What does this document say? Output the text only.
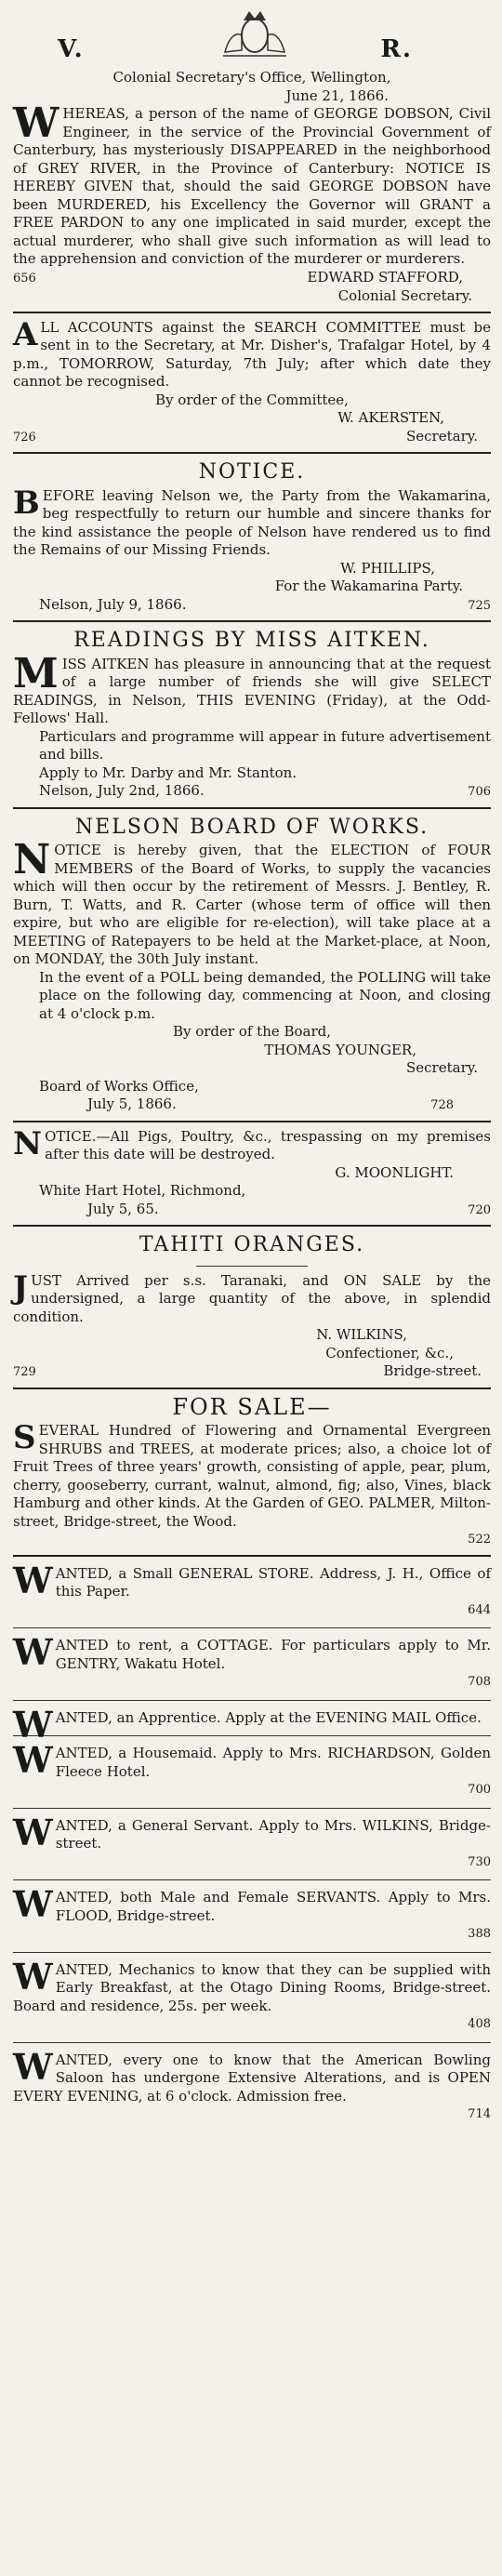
V.	R.

Colonial Secretary's Office, Wellington,

June 21, 1866.

WHEREAS, a person of the name of GEORGE DOBSON, Civil Engineer, in the service of the Provincial Government of Canterbury, has mysteriously DISAPPEARED in the neighborhood of GREY RIVER, in the Province of Canterbury: NOTICE IS HEREBY GIVEN that, should the said GEORGE DOBSON have been MURDERED, his Excellency the Governor will GRANT a FREE PARDON to any one implicated in said murder, except the actual murderer, who shall give such information as will lead to the apprehension and conviction of the murderer or murderers.

656	EDWARD STAFFORD,

Colonial Secretary.

ALL ACCOUNTS against the SEARCH COMMITTEE must be sent in to the Secretary, at Mr. Disher's, Trafalgar Hotel, by 4 p.m., TOMORROW, Saturday, 7th July; after which date they cannot be recognised.

By order of the Committee,

W. AKERSTEN,

726	Secretary.
NOTICE.

BEFORE leaving Nelson we, the Party from the Wakamarina, beg respectfully to return our humble and sincere thanks for the kind assistance the people of Nelson have rendered us to find the Remains of our Missing Friends.

W. PHILLIPS,

For the Wakamarina Party.

Nelson, July 9, 1866.	725
READINGS BY MISS AITKEN.

MISS AITKEN has pleasure in announcing that at the request of a large number of friends she will give SELECT READINGS, in Nelson, THIS EVENING (Friday), at the Odd-Fellows' Hall.

Particulars and programme will appear in future advertisement and bills.

Apply to Mr. Darby and Mr. Stanton.

Nelson, July 2nd, 1866.	706
NELSON BOARD OF WORKS.

NOTICE is hereby given, that the ELECTION of FOUR MEMBERS of the Board of Works, to supply the vacancies which will then occur by the retirement of Messrs. J. Bentley, R. Burn, T. Watts, and R. Carter (whose term of office will then expire, but who are eligible for re-election), will take place at a MEETING of Ratepayers to be held at the Market-place, at Noon, on MONDAY, the 30th July instant.

In the event of a POLL being demanded, the POLLING will take place on the following day, commencing at Noon, and closing at 4 o'clock p.m.

By order of the Board,

THOMAS YOUNGER,

Secretary.

Board of Works Office,

July 5, 1866.	728

NOTICE.—All Pigs, Poultry, &c., trespassing on my premises after this date will be destroyed.

G. MOONLIGHT.

White Hart Hotel, Richmond,

July 5, 65.	720
TAHITI ORANGES.

JUST Arrived per s.s. Taranaki, and ON SALE by the undersigned, a large quantity of the above, in splendid condition.

N. WILKINS,

Confectioner, &c.,

729	Bridge-street.
FOR SALE—

SEVERAL Hundred of Flowering and Ornamental Evergreen SHRUBS and TREES, at moderate prices; also, a choice lot of Fruit Trees of three years' growth, consisting of apple, pear, plum, cherry, gooseberry, currant, walnut, almond, fig; also, Vines, black Hamburg and other kinds. At the Garden of GEO. PALMER, Milton-street, Bridge-street, the Wood.

522

WANTED, a Small GENERAL STORE. Address, J. H., Office of this Paper.

644

WANTED to rent, a COTTAGE. For particulars apply to Mr. GENTRY, Wakatu Hotel.

708

WANTED, an Apprentice. Apply at the EVENING MAIL Office.

WANTED, a Housemaid. Apply to Mrs. RICHARDSON, Golden Fleece Hotel.

700

WANTED, a General Servant. Apply to Mrs. WILKINS, Bridge-street.

730

WANTED, both Male and Female SERVANTS. Apply to Mrs. FLOOD, Bridge-street.

388

WANTED, Mechanics to know that they can be supplied with Early Breakfast, at the Otago Dining Rooms, Bridge-street. Board and residence, 25s. per week.

408

WANTED, every one to know that the American Bowling Saloon has undergone Extensive Alterations, and is OPEN EVERY EVENING, at 6 o'clock. Admission free.

714
